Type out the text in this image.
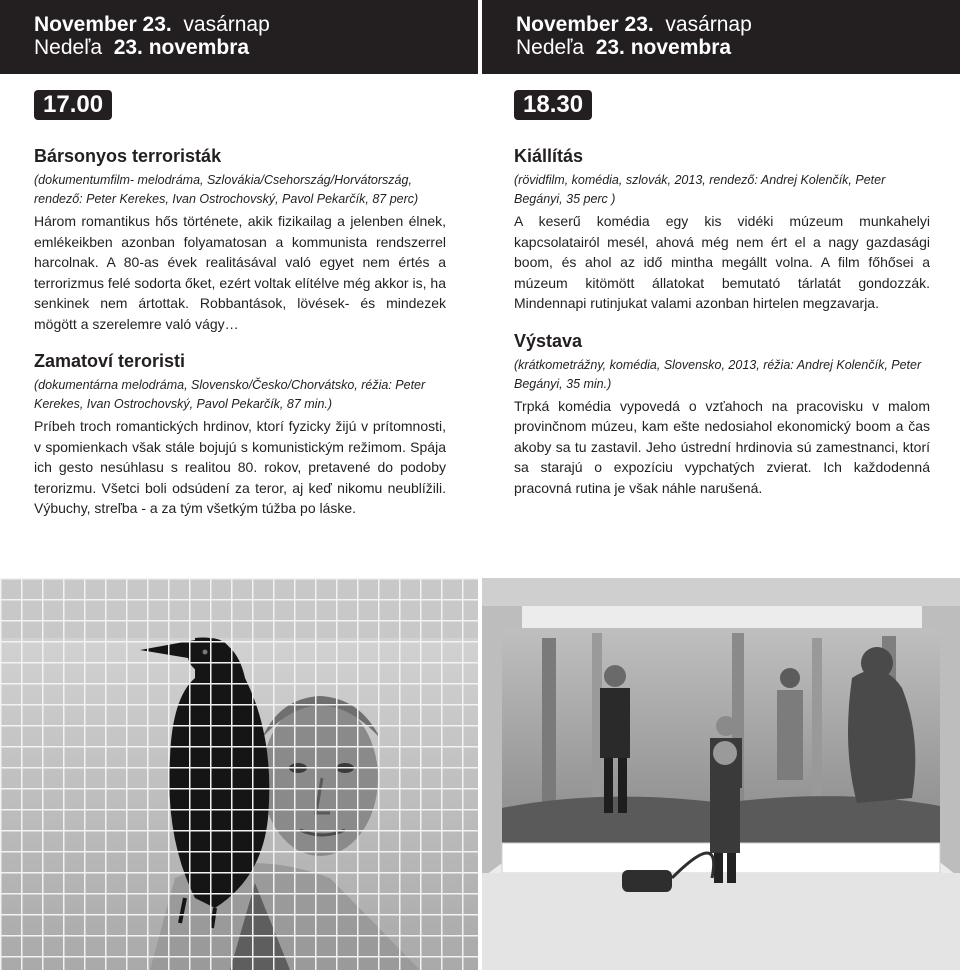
November 23. vasárnap
Nedeľa 23. novembra
November 23. vasárnap
Nedeľa 23. novembra
17.00	18.30
Bársonyos terroristák
(dokumentumfilm- melodráma, Szlovákia/Csehország/Horvátország, rendező: Peter Kerekes, Ivan Ostrochovský, Pavol Pekarčík, 87 perc)
Három romantikus hős története, akik fizikailag a jelenben élnek, emlékeikben azonban folyamatosan a kommunista rendszerrel harcolnak. A 80-as évek realitásával való egyet nem értés a terrorizmus felé sodorta őket, ezért voltak elítélve még akkor is, ha senkinek nem ártottak. Robbantások, lövések- és mindezek mögött a szerelemre való vágy…
Zamatoví teroristi
(dokumentárna melodráma, Slovensko/Česko/Chorvátsko, réžia: Peter Kerekes, Ivan Ostrochovský, Pavol Pekarčík, 87 min.)
Príbeh troch romantických hrdinov, ktorí fyzicky žijú v prítomnosti, v spomienkach však stále bojujú s komunistickým režimom. Spája ich gesto nesúhlasu s realitou 80. rokov, pretavené do podoby terorizmu. Všetci boli odsúdení za teror, aj keď nikomu neublížili. Výbuchy, streľba - a za tým všetkým túžba po láske.
Kiállítás
(rövidfilm, komédia, szlovák, 2013, rendező: Andrej Kolenčík, Peter Begányi, 35 perc )
A keserű komédia egy kis vidéki múzeum munkahelyi kapcsolatairól mesél, ahová még nem ért el a nagy gazdasági boom, és ahol az idő mintha megállt volna. A film főhősei a múzeum kitömött állatokat bemutató tárlatát gondozzák. Mindennapi rutinjukat valami azonban hirtelen megzavarja.
Výstava
(krátkometrážny, komédia, Slovensko, 2013, réžia: Andrej Kolenčík, Peter Begányi, 35 min.)
Trpká komédia vypovedá o vzťahoch na pracovisku v malom provinčnom múzeu, kam ešte nedosiahol ekonomický boom a čas akoby sa tu zastavil. Jeho ústrední hrdinovia sú zamestnanci, ktorí sa starajú o expozíciu vypchatých zvierat. Ich každodenná pracovná rutina je však náhle narušená.
